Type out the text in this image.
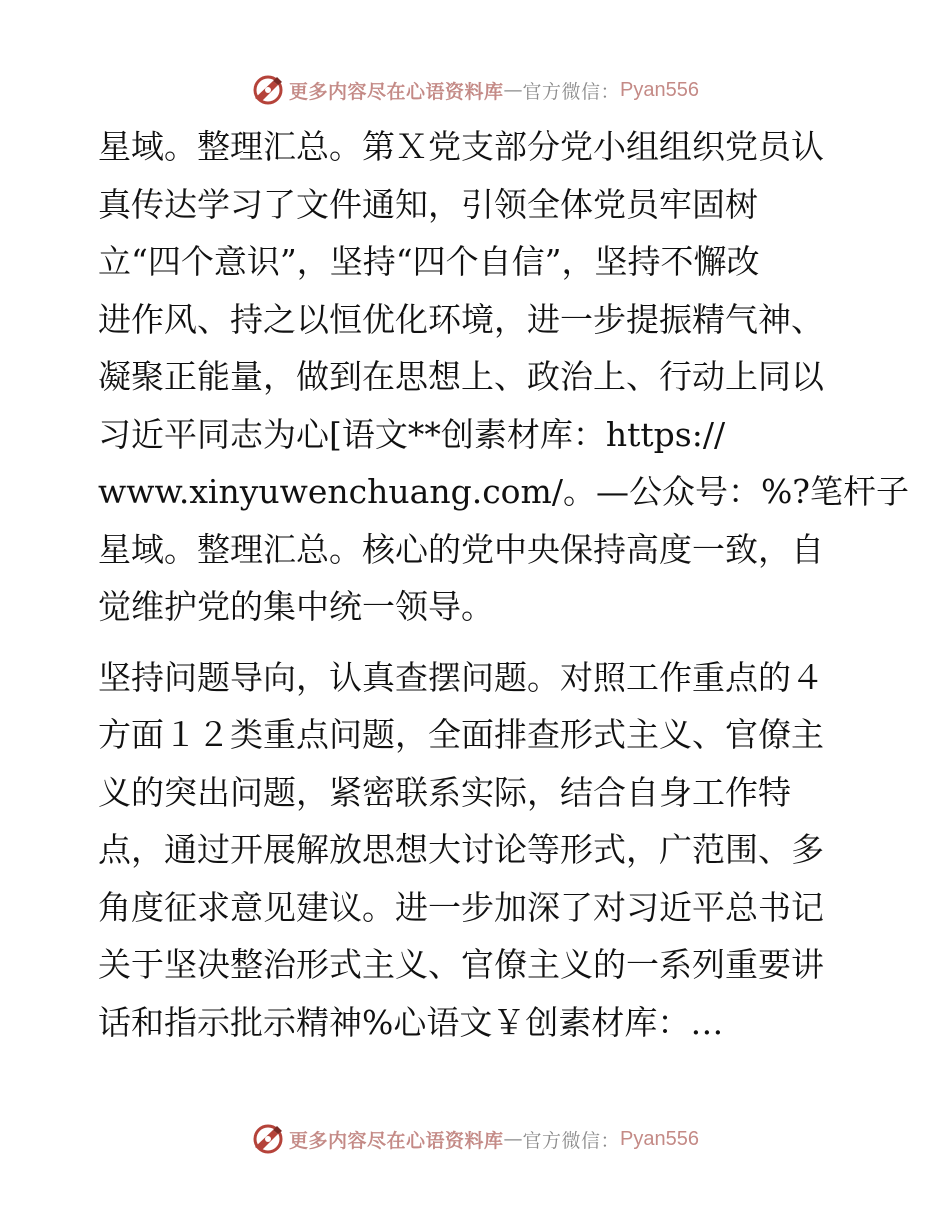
更多内容尽在心语资料库 — 官方微信： Pyan556

星域。整理汇总。第Ｘ党支部分党小组组织党员认
真传达学习了文件通知，引领全体党员牢固树
立“四个意识”，坚持“四个自信”，坚持不懈改
进作风、持之以恒优化环境，进一步提振精气神、
凝聚正能量，做到在思想上、政治上、行动上同以
习近平同志为心[语文**创素材库：https://
www.xinyuwenchuang.com/。—公众号：%?笔杆子
星域。整理汇总。核心的党中央保持高度一致，自
觉维护党的集中统一领导。

坚持问题导向，认真查摆问题。对照工作重点的４
方面１２类重点问题，全面排查形式主义、官僚主
义的突出问题，紧密联系实际，结合自身工作特
点，通过开展解放思想大讨论等形式，广范围、多
角度征求意见建议。进一步加深了对习近平总书记
关于坚决整治形式主义、官僚主义的一系列重要讲
话和指示批示精神%心语文￥创素材库：…

更多内容尽在心语资料库 — 官方微信： Pyan556
